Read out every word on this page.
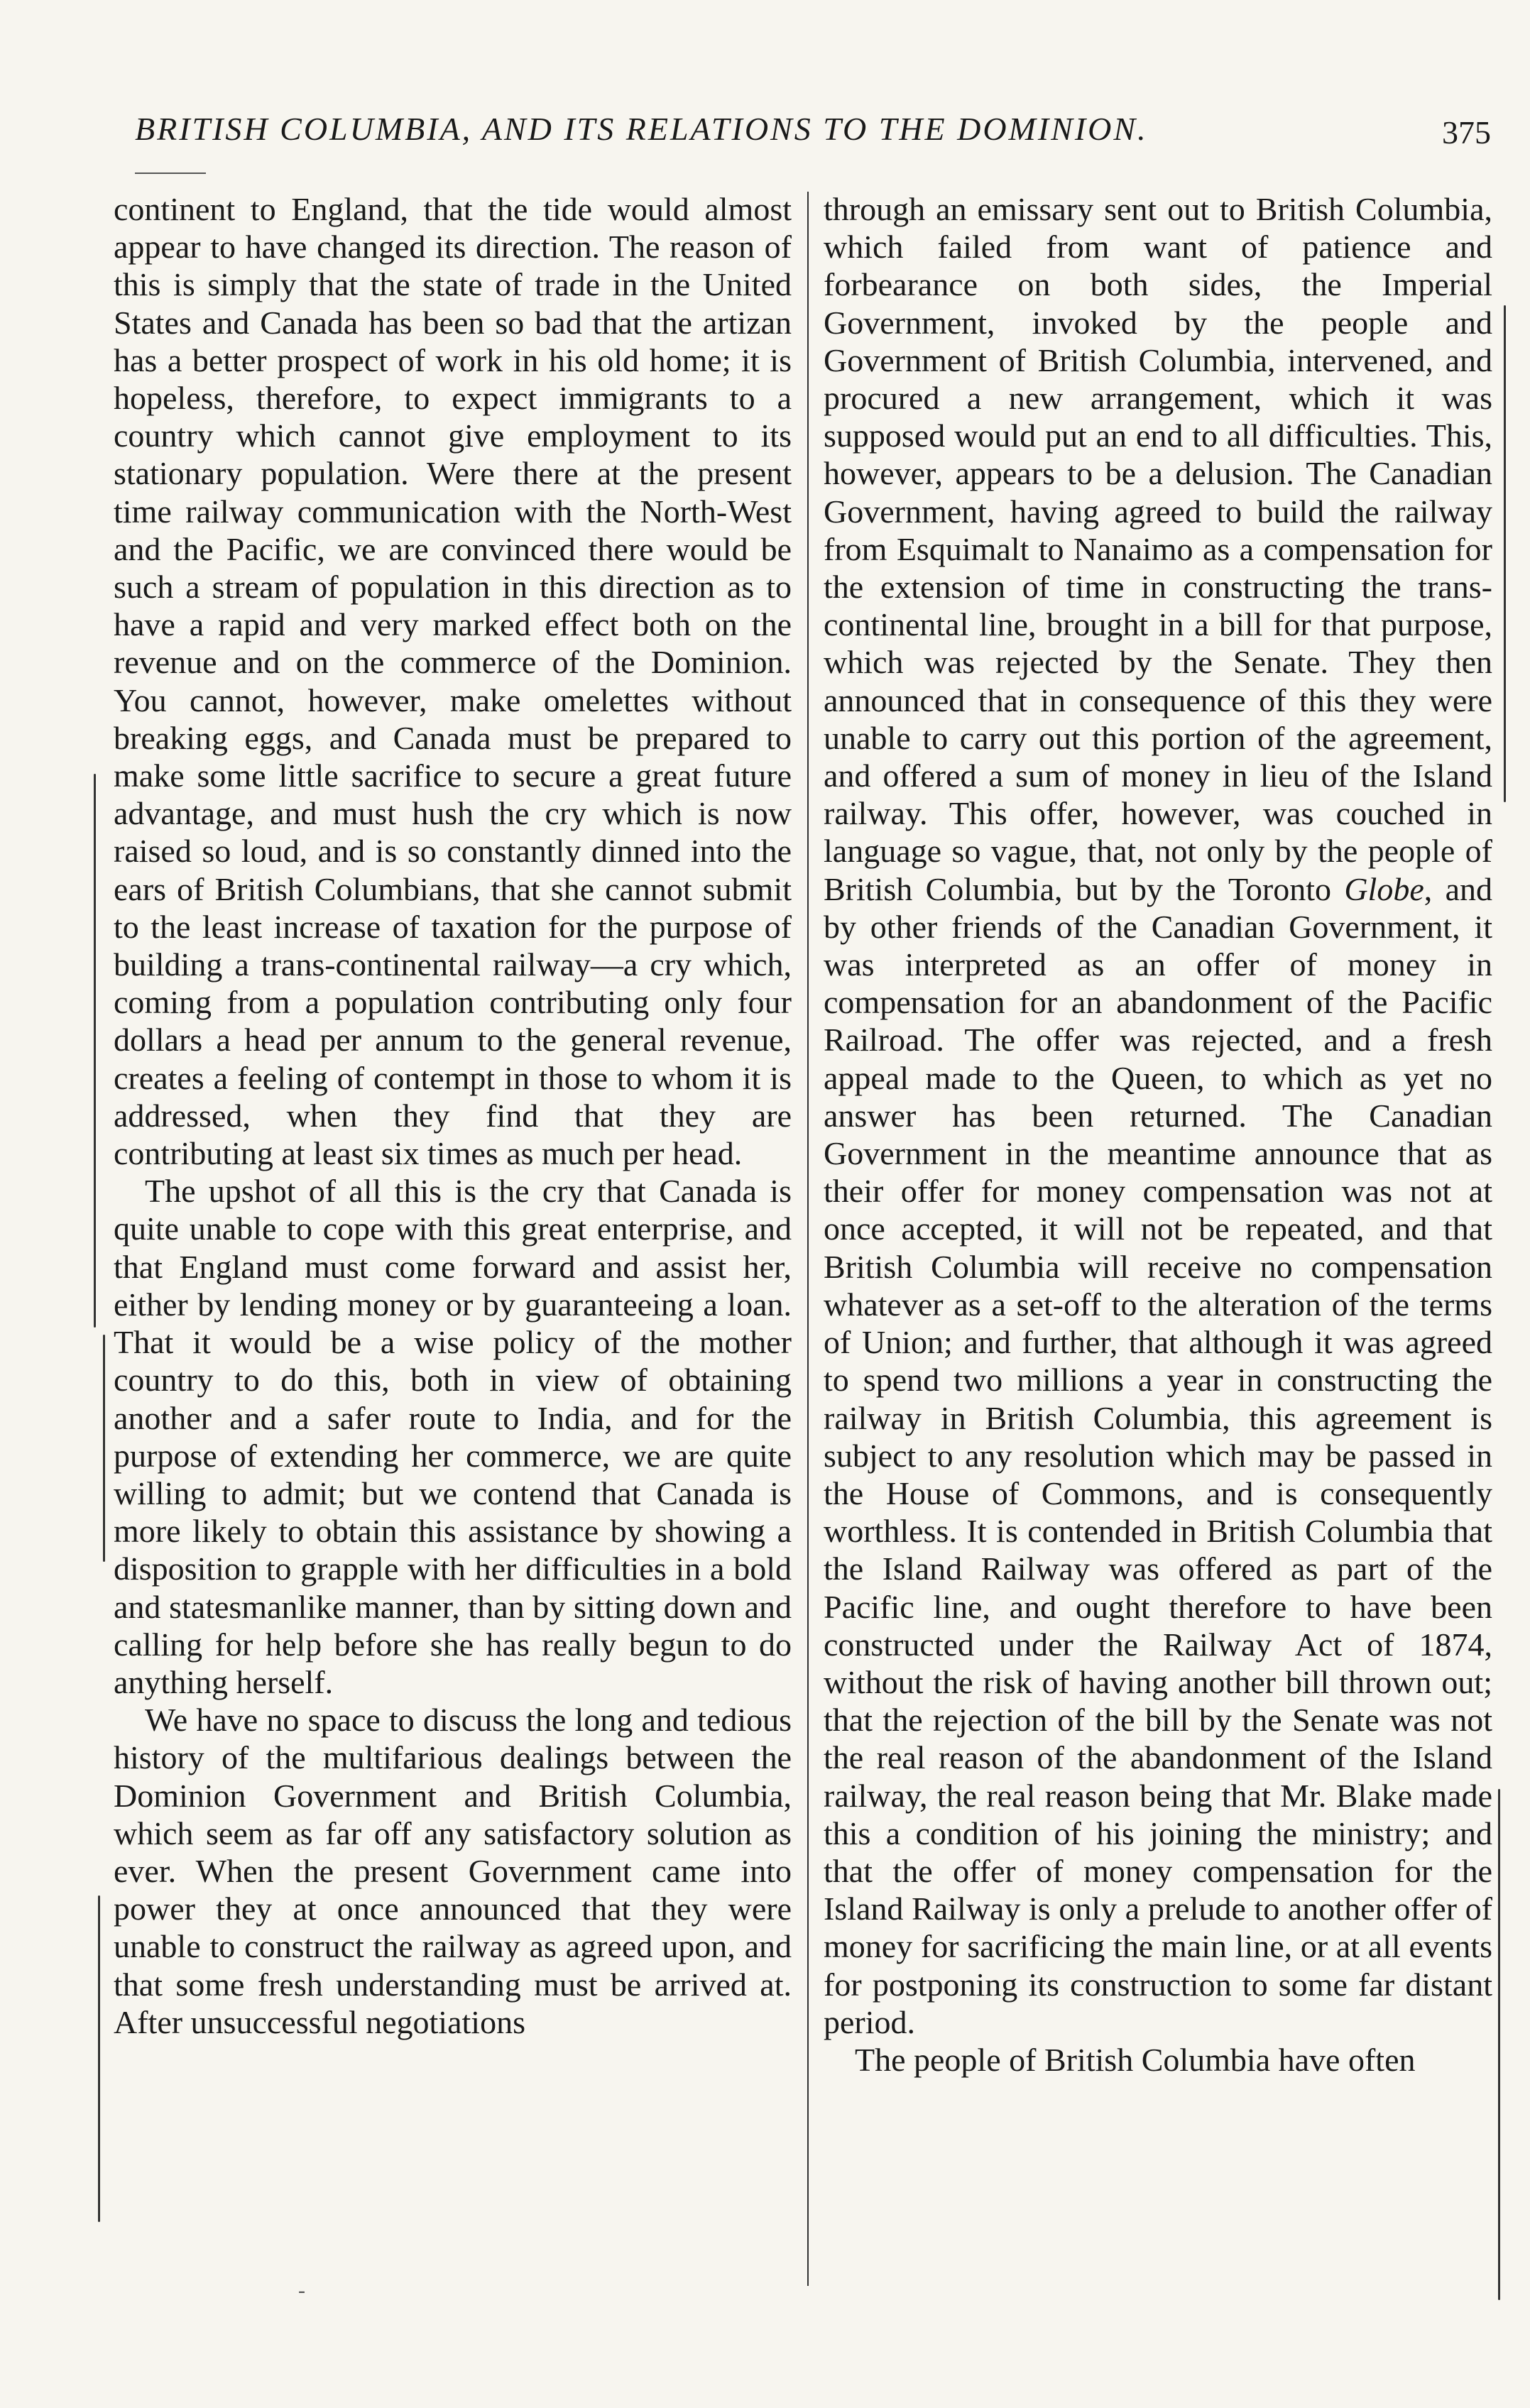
BRITISH COLUMBIA, AND ITS RELATIONS TO THE DOMINION.	375

continent to England, that the tide would almost appear to have changed its direction. The reason of this is simply that the state of trade in the United States and Canada has been so bad that the artizan has a better prospect of work in his old home; it is hopeless, therefore, to expect immigrants to a country which cannot give employment to its stationary population. Were there at the present time railway communication with the North-West and the Pacific, we are convinced there would be such a stream of population in this direction as to have a rapid and very marked effect both on the revenue and on the commerce of the Dominion. You cannot, however, make omelettes without breaking eggs, and Canada must be prepared to make some little sacrifice to secure a great future advantage, and must hush the cry which is now raised so loud, and is so constantly dinned into the ears of British Columbians, that she cannot submit to the least increase of taxation for the purpose of building a trans-continental railway—a cry which, coming from a population contributing only four dollars a head per annum to the general revenue, creates a feeling of contempt in those to whom it is addressed, when they find that they are contributing at least six times as much per head.

The upshot of all this is the cry that Canada is quite unable to cope with this great enterprise, and that England must come forward and assist her, either by lending money or by guaranteeing a loan. That it would be a wise policy of the mother country to do this, both in view of obtaining another and a safer route to India, and for the purpose of extending her commerce, we are quite willing to admit; but we contend that Canada is more likely to obtain this assistance by showing a disposition to grapple with her difficulties in a bold and statesmanlike manner, than by sitting down and calling for help before she has really begun to do anything herself.

We have no space to discuss the long and tedious history of the multifarious dealings between the Dominion Government and British Columbia, which seem as far off any satisfactory solution as ever. When the present Government came into power they at once announced that they were unable to construct the railway as agreed upon, and that some fresh understanding must be arrived at. After unsuccessful negotiations

through an emissary sent out to British Columbia, which failed from want of patience and forbearance on both sides, the Imperial Government, invoked by the people and Government of British Columbia, intervened, and procured a new arrangement, which it was supposed would put an end to all difficulties. This, however, appears to be a delusion. The Canadian Government, having agreed to build the railway from Esquimalt to Nanaimo as a compensation for the extension of time in constructing the trans-continental line, brought in a bill for that purpose, which was rejected by the Senate. They then announced that in consequence of this they were unable to carry out this portion of the agreement, and offered a sum of money in lieu of the Island railway. This offer, however, was couched in language so vague, that, not only by the people of British Columbia, but by the Toronto Globe, and by other friends of the Canadian Government, it was interpreted as an offer of money in compensation for an abandonment of the Pacific Railroad. The offer was rejected, and a fresh appeal made to the Queen, to which as yet no answer has been returned. The Canadian Government in the meantime announce that as their offer for money compensation was not at once accepted, it will not be repeated, and that British Columbia will receive no compensation whatever as a set-off to the alteration of the terms of Union; and further, that although it was agreed to spend two millions a year in constructing the railway in British Columbia, this agreement is subject to any resolution which may be passed in the House of Commons, and is consequently worthless. It is contended in British Columbia that the Island Railway was offered as part of the Pacific line, and ought therefore to have been constructed under the Railway Act of 1874, without the risk of having another bill thrown out; that the rejection of the bill by the Senate was not the real reason of the abandonment of the Island railway, the real reason being that Mr. Blake made this a condition of his joining the ministry; and that the offer of money compensation for the Island Railway is only a prelude to another offer of money for sacrificing the main line, or at all events for postponing its construction to some far distant period.

The people of British Columbia have often

-
